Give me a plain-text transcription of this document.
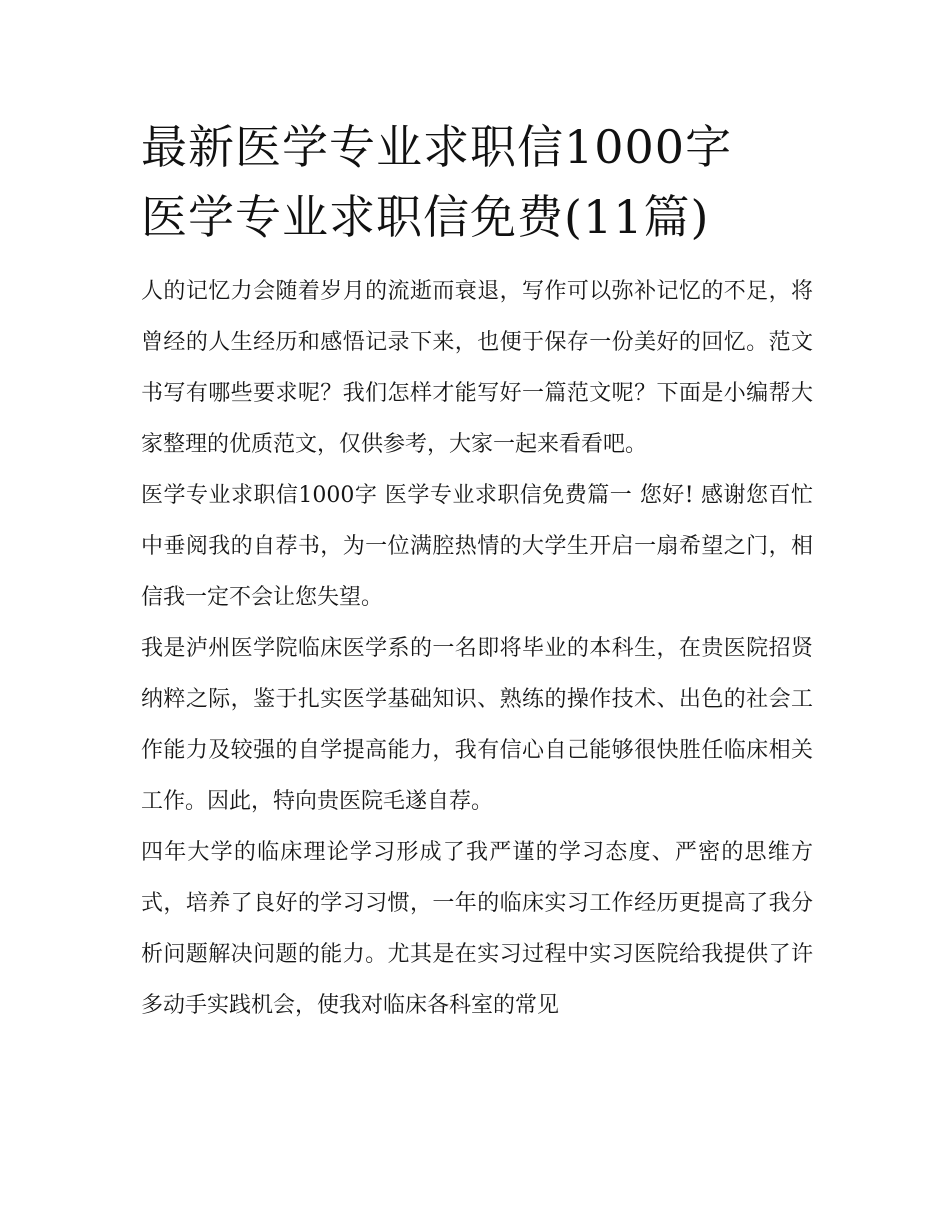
最新医学专业求职信1000字
医学专业求职信免费(11篇)

人的记忆力会随着岁月的流逝而衰退，写作可以弥补记忆的不足，将曾经的人生经历和感悟记录下来，也便于保存一份美好的回忆。范文书写有哪些要求呢？我们怎样才能写好一篇范文呢？下面是小编帮大家整理的优质范文，仅供参考，大家一起来看看吧。

医学专业求职信1000字 医学专业求职信免费篇一 您好! 感谢您百忙中垂阅我的自荐书，为一位满腔热情的大学生开启一扇希望之门，相信我一定不会让您失望。

我是泸州医学院临床医学系的一名即将毕业的本科生，在贵医院招贤纳粹之际，鉴于扎实医学基础知识、熟练的操作技术、出色的社会工作能力及较强的自学提高能力，我有信心自己能够很快胜任临床相关工作。因此，特向贵医院毛遂自荐。

四年大学的临床理论学习形成了我严谨的学习态度、严密的思维方式，培养了良好的学习习惯，一年的临床实习工作经历更提高了我分析问题解决问题的能力。尤其是在实习过程中实习医院给我提供了许多动手实践机会，使我对临床各科室的常见
